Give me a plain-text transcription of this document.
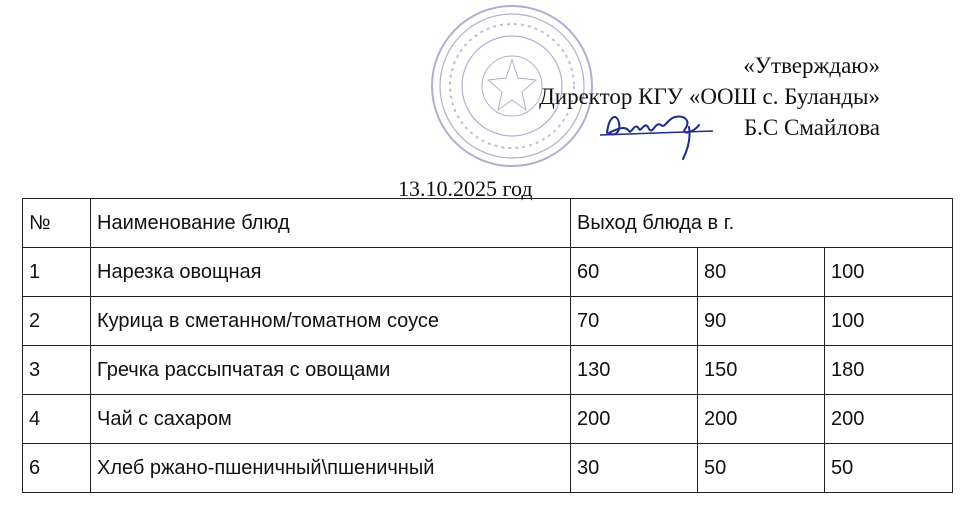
«Утверждаю»
Директор КГУ «ООШ с. Буланды»
Б.С Смайлова
13.10.2025 год
№	Наименование блюд	Выход блюда в г.		
1	Нарезка овощная	60	80	100
2	Курица в сметанном/томатном соусе	70	90	100
3	Гречка рассыпчатая с овощами	130	150	180
4	Чай с сахаром	200	200	200
6	Хлеб ржано-пшеничный\пшеничный	30	50	50
